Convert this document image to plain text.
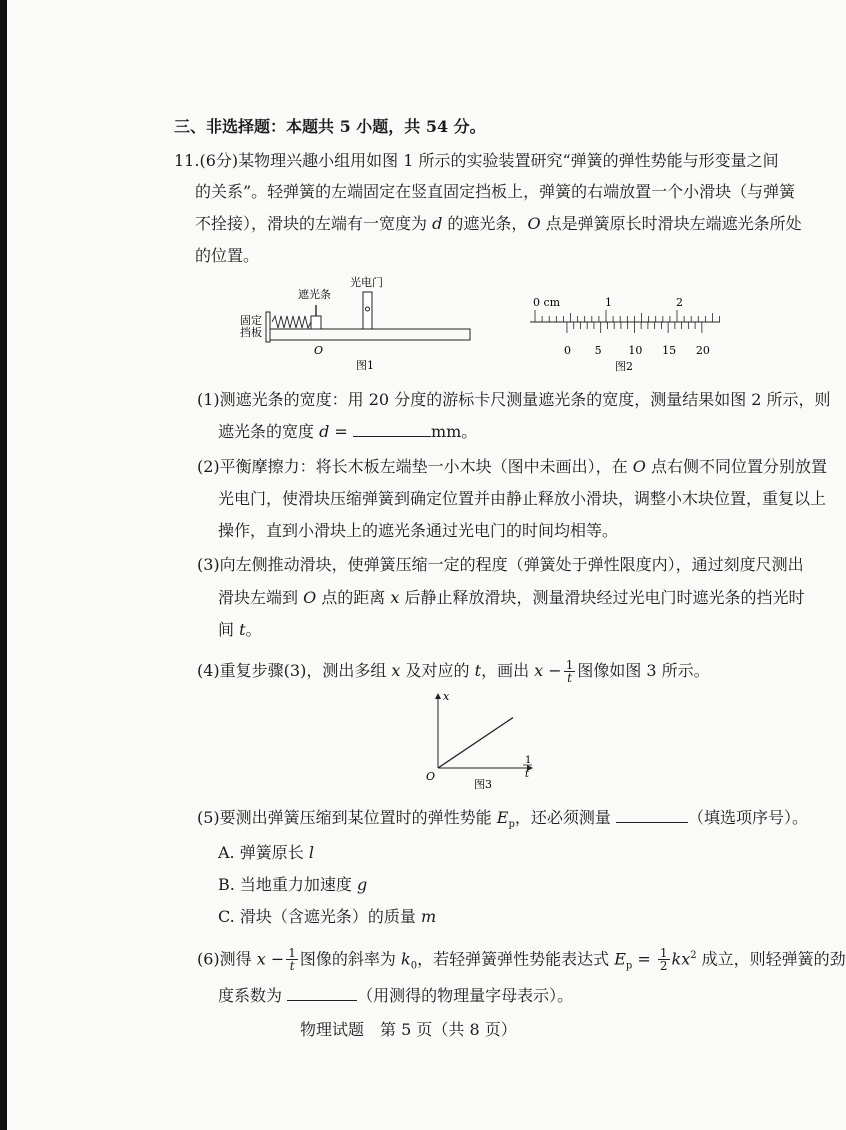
三、非选择题：本题共 5 小题，共 54 分。
11.(6分)某物理兴趣小组用如图 1 所示的实验装置研究“弹簧的弹性势能与形变量之间
的关系”。轻弹簧的左端固定在竖直固定挡板上，弹簧的右端放置一个小滑块（与弹簧
不拴接），滑块的左端有一宽度为 d 的遮光条，O 点是弹簧原长时滑块左端遮光条所处
的位置。
固定
挡板
遮光条
光电门
O
图1
0 cm	1	2
0 5 10 15 20
图2
(1)测遮光条的宽度：用 20 分度的游标卡尺测量遮光条的宽度，测量结果如图 2 所示，则
遮光条的宽度 d =	mm。
(2)平衡摩擦力：将长木板左端垫一小木块（图中未画出），在 O 点右侧不同位置分别放置
光电门，使滑块压缩弹簧到确定位置并由静止释放小滑块，调整小木块位置，重复以上
操作，直到小滑块上的遮光条通过光电门的时间均相等。
(3)向左侧推动滑块，使弹簧压缩一定的程度（弹簧处于弹性限度内），通过刻度尺测出
滑块左端到 O 点的距离 x 后静止释放滑块，测量滑块经过光电门时遮光条的挡光时
间 t。
(4)重复步骤(3)，测出多组 x 及对应的 t，画出 $x - \frac{1}{t}$ 图像如图 3 所示。
x
1
t
O
图3
(5)要测出弹簧压缩到某位置时的弹性势能 $E_p$，还必须测量	（填选项序号）。
A. 弹簧原长 l
B. 当地重力加速度 g
C. 滑块（含遮光条）的质量 m
(6)测得 $x - \frac{1}{t}$ 图像的斜率为 $k_0$，若轻弹簧弹性势能表达式 $E_p = \frac{1}{2} kx^2$ 成立，则轻弹簧的劲
度系数为	（用测得的物理量字母表示）。
物理试题　第 5 页（共 8 页）
